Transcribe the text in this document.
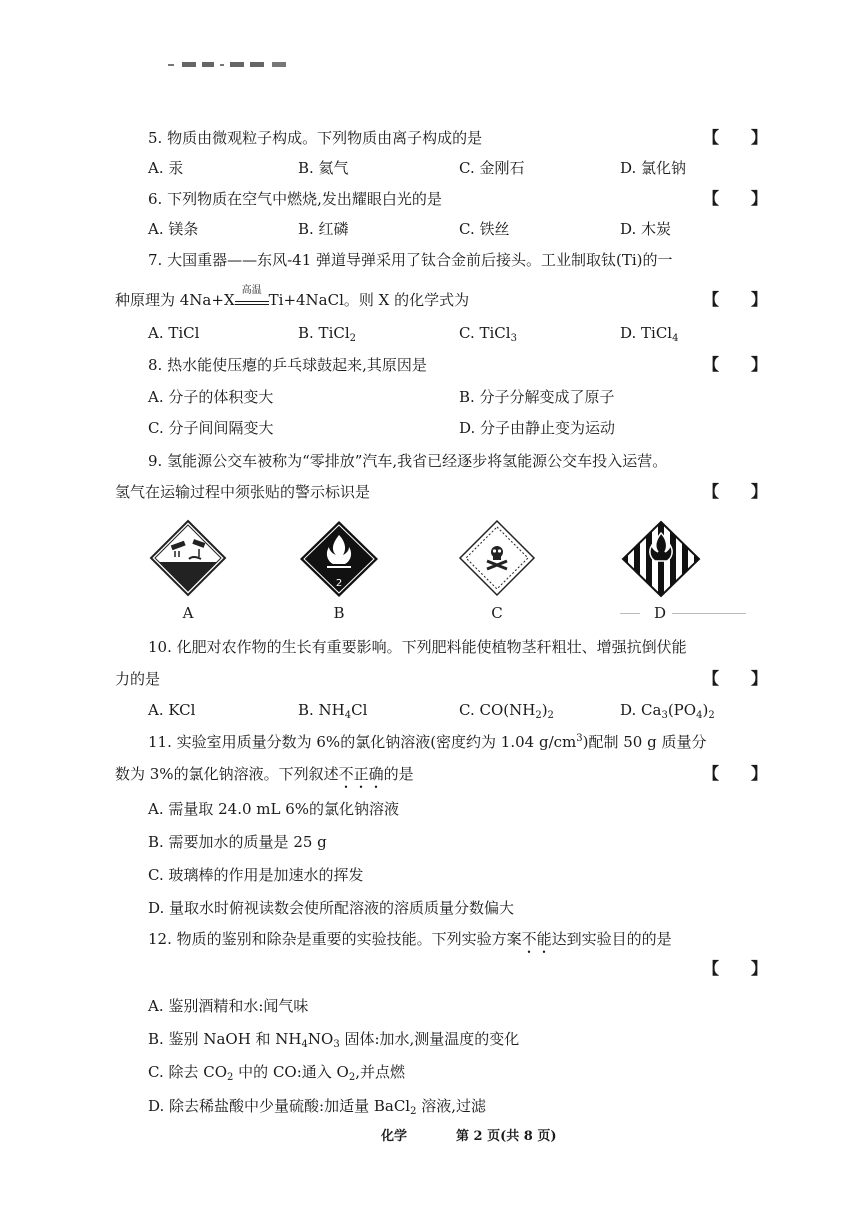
5. 物质由微观粒子构成。下列物质由离子构成的是	【　　】
A. 汞	B. 氦气	C. 金刚石	D. 氯化钠
6. 下列物质在空气中燃烧,发出耀眼白光的是	【　　】
A. 镁条	B. 红磷	C. 铁丝	D. 木炭
7. 大国重器——东风-41 弹道导弹采用了钛合金前后接头。工业制取钛(Ti)的一
种原理为 4Na+X
高温
Ti+4NaCl。则 X 的化学式为	【　　】
A. TiCl	B. TiCl$_2$	C. TiCl$_3$	D. TiCl$_4$
8. 热水能使压瘪的乒乓球鼓起来,其原因是	【　　】
A. 分子的体积变大	B. 分子分解变成了原子
C. 分子间间隔变大	D. 分子由静止变为运动
9. 氢能源公交车被称为“零排放”汽车,我省已经逐步将氢能源公交车投入运营。
氢气在运输过程中须张贴的警示标识是	【　　】
A
2
B	C	D
10. 化肥对农作物的生长有重要影响。下列肥料能使植物茎秆粗壮、增强抗倒伏能
力的是	【　　】
A. KCl	B. $NH_4Cl$	C. $CO(NH_2)_2$	D. $Ca_3(PO_4)_2$
11. 实验室用质量分数为 6%的氯化钠溶液(密度约为 1.04 $g/cm^3$)配制 50 g 质量分
数为 3%的氯化钠溶液。下列叙述不正确的是	【　　】
A. 需量取 24.0 mL 6%的氯化钠溶液
B. 需要加水的质量是 25 g
C. 玻璃棒的作用是加速水的挥发
D. 量取水时俯视读数会使所配溶液的溶质质量分数偏大
12. 物质的鉴别和除杂是重要的实验技能。下列实验方案不能达到实验目的的是
【　　】
A. 鉴别酒精和水:闻气味
B. 鉴别 NaOH 和 $NH_4NO_3$ 固体:加水,测量温度的变化
C. 除去 $CO_2$ 中的 CO:通入 $O_2$,并点燃
D. 除去稀盐酸中少量硫酸:加适量 BaCl$_2$ 溶液,过滤
化学	第 2 页(共 8 页)
